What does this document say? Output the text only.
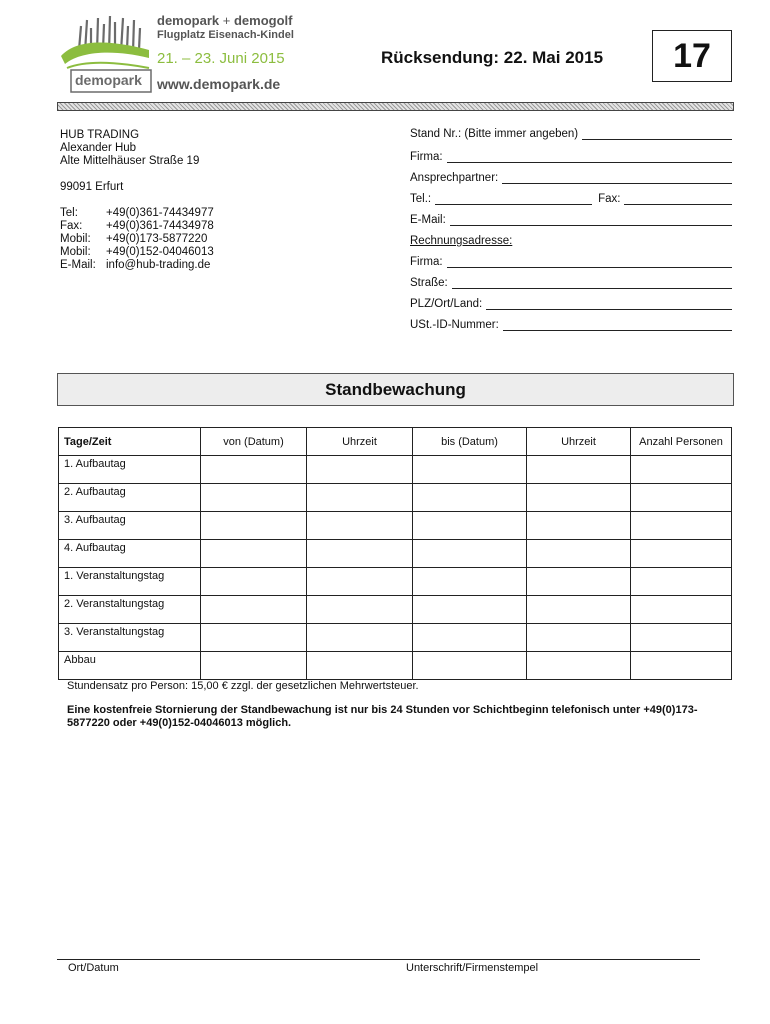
demopark
demopark + demogolf
Flugplatz Eisenach-Kindel
21. – 23. Juni 2015
www.demopark.de
Rücksendung: 22. Mai 2015	17
HUB TRADING
Alexander Hub
Alte Mittelhäuser Straße 19
99091 Erfurt
Tel:	+49(0)361-74434977
Fax:	+49(0)361-74434978
Mobil:	+49(0)173-5877220
Mobil:	+49(0)152-04046013
E-Mail: info@hub-trading.de
Stand Nr.: (Bitte immer angeben)
Firma:
Ansprechpartner:
Tel.:	Fax:
E-Mail:
Rechnungsadresse:
Firma:
Straße:
PLZ/Ort/Land:
USt.-ID-Nummer:
Standbewachung
Tage/Zeit	von (Datum)	Uhrzeit	bis (Datum)	Uhrzeit	Anzahl Personen
1. Aufbautag					
2. Aufbautag					
3. Aufbautag					
4. Aufbautag					
1. Veranstaltungstag					
2. Veranstaltungstag					
3. Veranstaltungstag					
Abbau					
Stundensatz pro Person: 15,00 € zzgl. der gesetzlichen Mehrwertsteuer.
Eine kostenfreie Stornierung der Standbewachung ist nur bis 24 Stunden vor Schichtbeginn telefonisch unter +49(0)173-5877220 oder +49(0)152-04046013 möglich.
Ort/Datum	Unterschrift/Firmenstempel
